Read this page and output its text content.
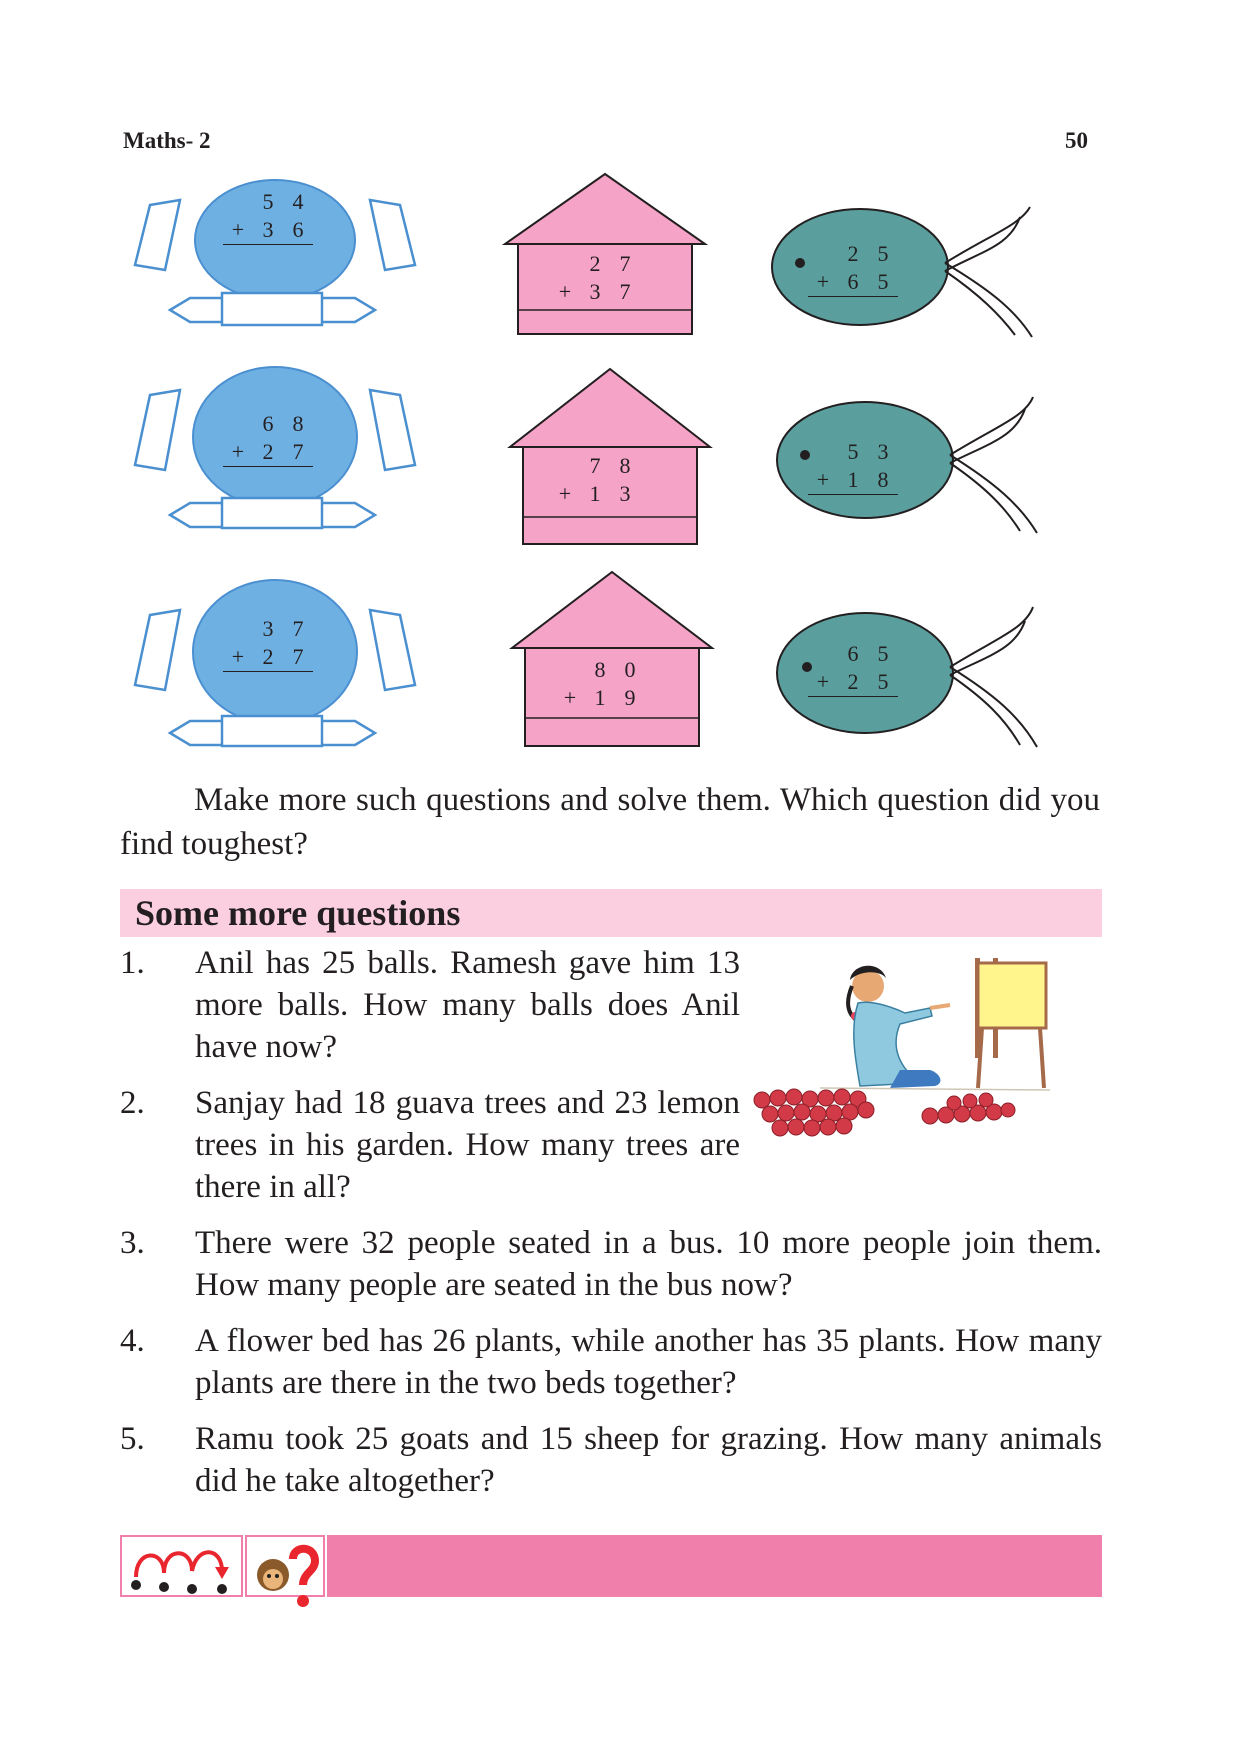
Maths- 2	50
5 4
+ 3 6
2 7
+ 3 7
2 5
+ 6 5
6 8
+ 2 7
7 8
+ 1 3
5 3
+ 1 8
3 7
+ 2 7
8 0
+ 1 9
6 5
+ 2 5

Make more such questions and solve them. Which question did you find toughest?

Some more questions
1.	Anil has 25 balls. Ramesh gave him 13 more balls. How many balls does Anil have now?
2.	Sanjay had 18 guava trees and 23 lemon trees in his garden. How many trees are there in all?
3.	There were 32 people seated in a bus. 10 more people join them. How many people are seated in the bus now?
4.	A flower bed has 26 plants, while another has 35 plants. How many plants are there in the two beds together?
5.	Ramu took 25 goats and 15 sheep for grazing. How many animals did he take altogether?
